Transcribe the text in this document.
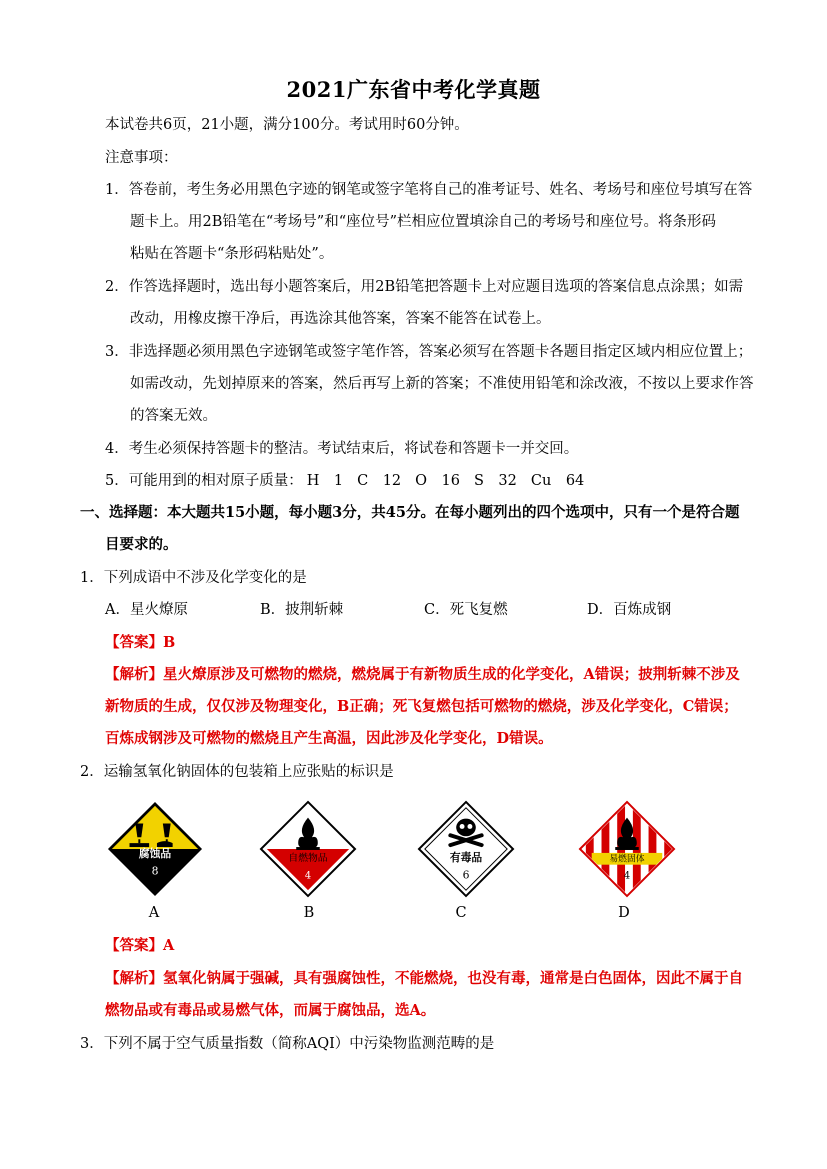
2021广东省中考化学真题
本试卷共6页，21小题，满分100分。考试用时60分钟。
注意事项：
1．答卷前，考生务必用黑色字迹的钢笔或签字笔将自己的准考证号、姓名、考场号和座位号填写在答
题卡上。用2B铅笔在“考场号”和“座位号”栏相应位置填涂自己的考场号和座位号。将条形码
粘贴在答题卡“条形码粘贴处”。
2．作答选择题时，选出每小题答案后，用2B铅笔把答题卡上对应题目选项的答案信息点涂黑；如需
改动，用橡皮擦干净后，再选涂其他答案，答案不能答在试卷上。
3．非选择题必须用黑色字迹钢笔或签字笔作答，答案必须写在答题卡各题目指定区域内相应位置上；
如需改动，先划掉原来的答案，然后再写上新的答案；不准使用铅笔和涂改液，不按以上要求作答
的答案无效。
4．考生必须保持答题卡的整洁。考试结束后，将试卷和答题卡一并交回。
5．可能用到的相对原子质量： H　1 C　12 O　16 S　32 Cu　64
一、选择题：本大题共15小题，每小题3分，共45分。在每小题列出的四个选项中，只有一个是符合题
目要求的。
1．下列成语中不涉及化学变化的是
A．星火燎原	B．披荆斩棘	C．死飞复燃	D．百炼成钢
【答案】B
【解析】星火燎原涉及可燃物的燃烧，燃烧属于有新物质生成的化学变化，A错误；披荆斩棘不涉及
新物质的生成，仅仅涉及物理变化，B正确；死飞复燃包括可燃物的燃烧，涉及化学变化，C错误；
百炼成钢涉及可燃物的燃烧且产生高温，因此涉及化学变化，D错误。
2．运输氢氧化钠固体的包装箱上应张贴的标识是
腐蚀品
8
自燃物品
4
有毒品
6
易燃固体
4
A	B	C	D
【答案】A
【解析】氢氧化钠属于强碱，具有强腐蚀性，不能燃烧，也没有毒，通常是白色固体，因此不属于自
燃物品或有毒品或易燃气体，而属于腐蚀品，选A。
3．下列不属于空气质量指数（简称AQI）中污染物监测范畴的是
